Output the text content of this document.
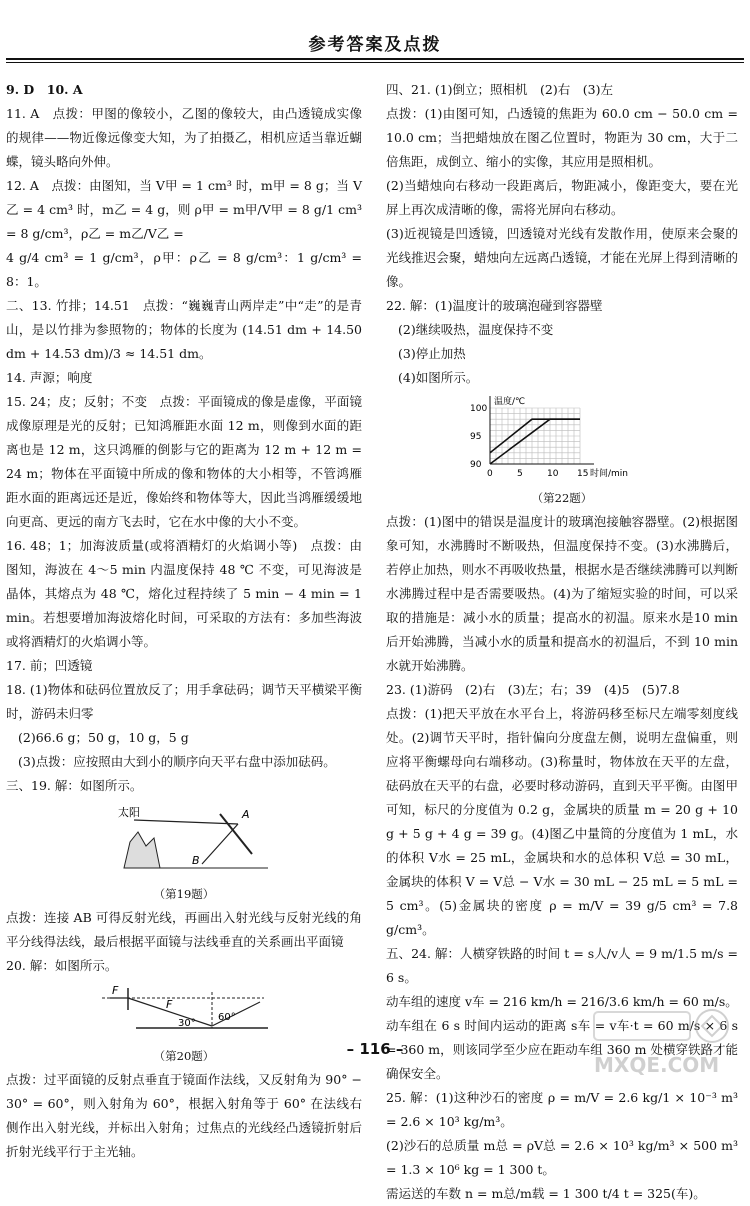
参考答案及点拨

9. D　10. A

11. A　点拨：甲图的像较小，乙图的像较大，由凸透镜成实像的规律——物近像远像变大知，为了拍摄乙，相机应适当靠近蝴蝶，镜头略向外伸。

12. A　点拨：由图知，当 V甲 = 1 cm³ 时，m甲 = 8 g；当 V乙 = 4 cm³ 时，m乙 = 4 g，则 ρ甲 = m甲/V甲 = 8 g/1 cm³ = 8 g/cm³，ρ乙 = m乙/V乙 =

4 g/4 cm³ = 1 g/cm³，ρ甲：ρ乙 = 8 g/cm³：1 g/cm³ = 8：1。

二、13. 竹排；14.51　点拨：“巍巍青山两岸走”中“走”的是青山，是以竹排为参照物的；物体的长度为 (14.51 dm + 14.50 dm + 14.53 dm)/3 ≈ 14.51 dm。

14. 声源；响度

15. 24；皮；反射；不变　点拨：平面镜成的像是虚像，平面镜成像原理是光的反射；已知鸿雁距水面 12 m，则像到水面的距离也是 12 m，这只鸿雁的倒影与它的距离为 12 m + 12 m = 24 m；物体在平面镜中所成的像和物体的大小相等，不管鸿雁距水面的距离远还是近，像始终和物体等大，因此当鸿雁缓缓地向更高、更远的南方飞去时，它在水中像的大小不变。

16. 48；1；加海波质量(或将酒精灯的火焰调小等)　点拨：由图知，海波在 4～5 min 内温度保持 48 ℃ 不变，可见海波是晶体，其熔点为 48 ℃，熔化过程持续了 5 min − 4 min = 1 min。若想要增加海波熔化时间，可采取的方法有：多加些海波或将酒精灯的火焰调小等。

17. 前；凹透镜

18. (1)物体和砝码位置放反了；用手拿砝码；调节天平横梁平衡时，游码未归零

(2)66.6 g；50 g，10 g，5 g

(3)点拨：应按照由大到小的顺序向天平右盘中添加砝码。

三、19. 解：如图所示。

太阳	A
B
（第19题）

点拨：连接 AB 可得反射光线，再画出入射光线与反射光线的角平分线得法线，最后根据平面镜与法线垂直的关系画出平面镜

20. 解：如图所示。

F
F
30°
60°
（第20题）

点拨：过平面镜的反射点垂直于镜面作法线，又反射角为 90° − 30° = 60°，则入射角为 60°，根据入射角等于 60° 在法线右侧作出入射光线，并标出入射角；过焦点的光线经凸透镜折射后折射光线平行于主光轴。

四、21. (1)倒立；照相机　(2)右　(3)左

点拨：(1)由图可知，凸透镜的焦距为 60.0 cm − 50.0 cm = 10.0 cm；当把蜡烛放在图乙位置时，物距为 30 cm，大于二倍焦距，成倒立、缩小的实像，其应用是照相机。

(2)当蜡烛向右移动一段距离后，物距减小，像距变大，要在光屏上再次成清晰的像，需将光屏向右移动。

(3)近视镜是凹透镜，凹透镜对光线有发散作用，使原来会聚的光线推迟会聚，蜡烛向左远离凸透镜，才能在光屏上得到清晰的像。

22. 解：(1)温度计的玻璃泡碰到容器壁

(2)继续吸热，温度保持不变

(3)停止加热

(4)如图所示。

温度/℃
时间/min
100
95
90
0	5	10 15
（第22题）

点拨：(1)图中的错误是温度计的玻璃泡接触容器壁。(2)根据图象可知，水沸腾时不断吸热，但温度保持不变。(3)水沸腾后，若停止加热，则水不再吸收热量，根据水是否继续沸腾可以判断水沸腾过程中是否需要吸热。(4)为了缩短实验的时间，可以采取的措施是：减小水的质量；提高水的初温。原来水是10 min 后开始沸腾，当减小水的质量和提高水的初温后，不到 10 min 水就开始沸腾。

23. (1)游码　(2)右　(3)左；右；39　(4)5　(5)7.8

点拨：(1)把天平放在水平台上，将游码移至标尺左端零刻度线处。(2)调节天平时，指针偏向分度盘左侧，说明左盘偏重，则应将平衡螺母向右端移动。(3)称量时，物体放在天平的左盘，砝码放在天平的右盘，必要时移动游码，直到天平平衡。由图甲可知，标尺的分度值为 0.2 g，金属块的质量 m = 20 g + 10 g + 5 g + 4 g = 39 g。(4)图乙中量筒的分度值为 1 mL，水的体积 V水 = 25 mL，金属块和水的总体积 V总 = 30 mL，金属块的体积 V = V总 − V水 = 30 mL − 25 mL = 5 mL = 5 cm³。(5)金属块的密度 ρ = m/V = 39 g/5 cm³ = 7.8 g/cm³。

五、24. 解：人横穿铁路的时间 t = s人/v人 = 9 m/1.5 m/s = 6 s。

动车组的速度 v车 = 216 km/h = 216/3.6 km/h = 60 m/s。

动车组在 6 s 时间内运动的距离 s车 = v车·t = 60 m/s × 6 s = 360 m，则该同学至少应在距动车组 360 m 处横穿铁路才能确保安全。

25. 解：(1)这种沙石的密度 ρ = m/V = 2.6 kg/1 × 10⁻³ m³ = 2.6 × 10³ kg/m³。

(2)沙石的总质量 m总 = ρV总 = 2.6 × 10³ kg/m³ × 500 m³ = 1.3 × 10⁶ kg = 1 300 t。

需运送的车数 n = m总/m载 = 1 300 t/4 t = 325(车)。

– 116 –
MXQE.COM
